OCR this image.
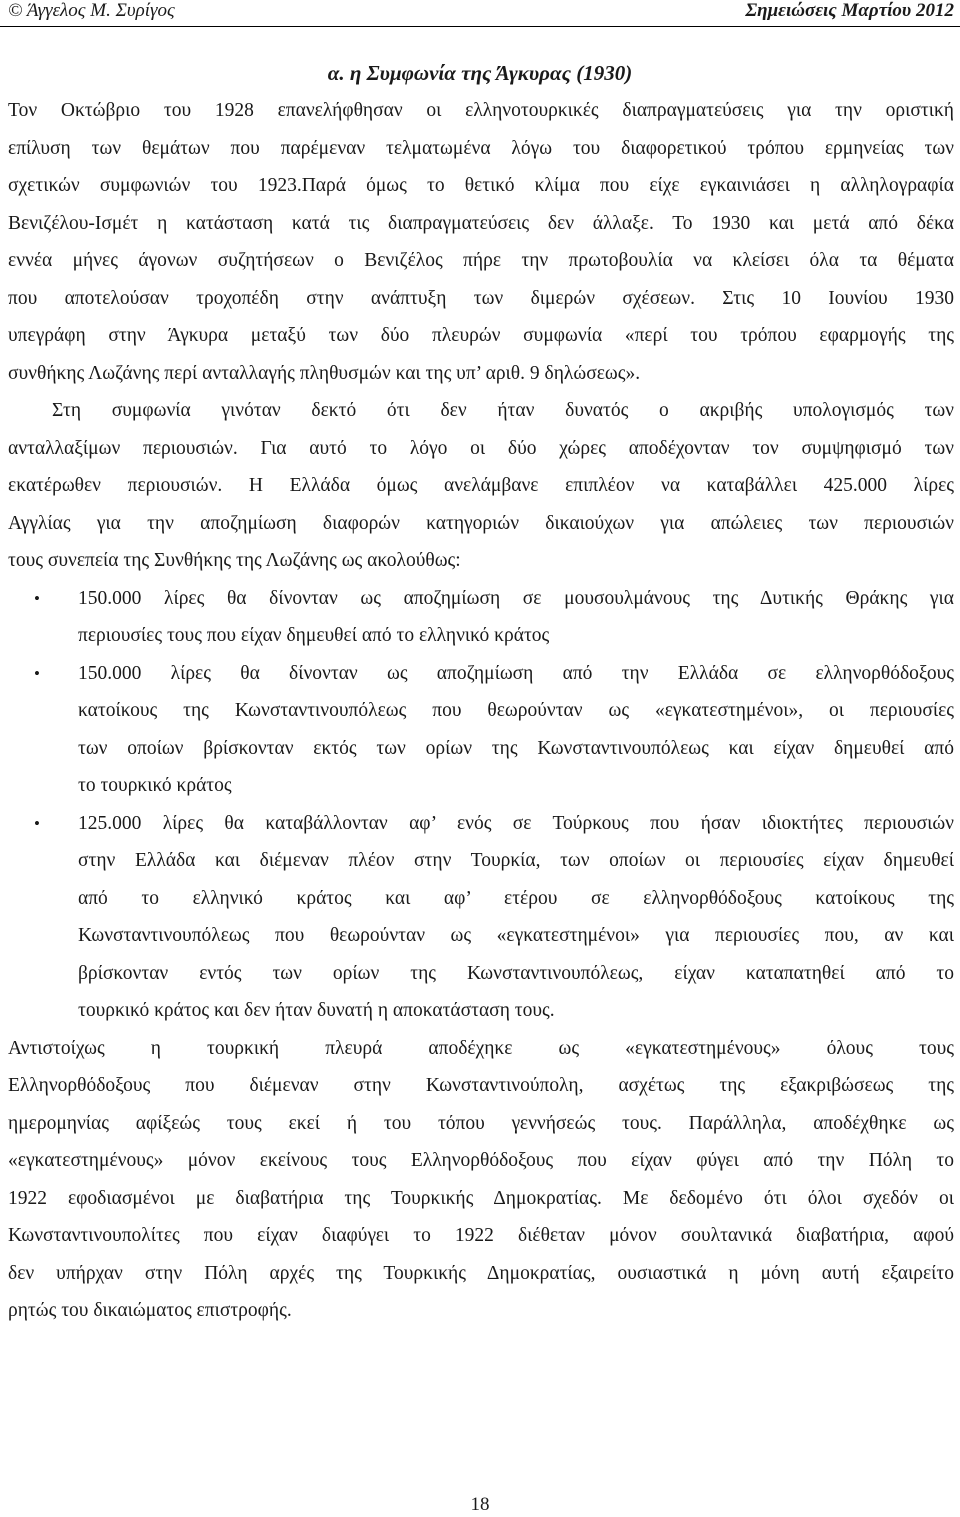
© Άγγελος Μ. Συρίγος	Σημειώσεις Μαρτίου 2012
α. η Συμφωνία της Άγκυρας (1930)
Τον Οκτώβριο του 1928 επανελήφθησαν οι ελληνοτουρκικές διαπραγματεύσεις για την οριστική
επίλυση των θεμάτων που παρέμεναν τελματωμένα λόγω του διαφορετικού τρόπου ερμηνείας των
σχετικών συμφωνιών του 1923.Παρά όμως το θετικό κλίμα που είχε εγκαινιάσει η αλληλογραφία
Βενιζέλου-Ισμέτ η κατάσταση κατά τις διαπραγματεύσεις δεν άλλαξε. Το 1930 και μετά από δέκα
εννέα μήνες άγονων συζητήσεων ο Βενιζέλος πήρε την πρωτοβουλία να κλείσει όλα τα θέματα
που αποτελούσαν τροχοπέδη στην ανάπτυξη των διμερών σχέσεων. Στις 10 Ιουνίου 1930
υπεγράφη στην Άγκυρα μεταξύ των δύο πλευρών συμφωνία «περί του τρόπου εφαρμογής της
συνθήκης Λωζάνης περί ανταλλαγής πληθυσμών και της υπ’ αριθ. 9 δηλώσεως».
Στη συμφωνία γινόταν δεκτό ότι δεν ήταν δυνατός ο ακριβής υπολογισμός των
ανταλλαξίμων περιουσιών. Για αυτό το λόγο οι δύο χώρες αποδέχονταν τον συμψηφισμό των
εκατέρωθεν περιουσιών. Η Ελλάδα όμως ανελάμβανε επιπλέον να καταβάλλει 425.000 λίρες
Αγγλίας για την αποζημίωση διαφορών κατηγοριών δικαιούχων για απώλειες των περιουσιών
τους συνεπεία της Συνθήκης της Λωζάνης ως ακολούθως:
•	150.000 λίρες θα δίνονταν ως αποζημίωση σε μουσουλμάνους της Δυτικής Θράκης για
περιουσίες τους που είχαν δημευθεί από το ελληνικό κράτος
•	150.000 λίρες θα δίνονταν ως αποζημίωση από την Ελλάδα σε ελληνορθόδοξους
κατοίκους της Κωνσταντινουπόλεως που θεωρούνταν ως «εγκατεστημένοι», οι περιουσίες
των οποίων βρίσκονταν εκτός των ορίων της Κωνσταντινουπόλεως και είχαν δημευθεί από
το τουρκικό κράτος
•	125.000 λίρες θα καταβάλλονταν αφ’ ενός σε Τούρκους που ήσαν ιδιοκτήτες περιουσιών
στην Ελλάδα και διέμεναν πλέον στην Τουρκία, των οποίων οι περιουσίες είχαν δημευθεί
από το ελληνικό κράτος και αφ’ ετέρου σε ελληνορθόδοξους κατοίκους της
Κωνσταντινουπόλεως που θεωρούνταν ως «εγκατεστημένοι» για περιουσίες που, αν και
βρίσκονταν εντός των ορίων της Κωνσταντινουπόλεως, είχαν καταπατηθεί από το
τουρκικό κράτος και δεν ήταν δυνατή η αποκατάσταση τους.
Αντιστοίχως η τουρκική πλευρά αποδέχηκε ως «εγκατεστημένους» όλους τους
Ελληνορθόδοξους που διέμεναν στην Κωνσταντινούπολη, ασχέτως της εξακριβώσεως της
ημερομηνίας αφίξεώς τους εκεί ή του τόπου γεννήσεώς τους. Παράλληλα, αποδέχθηκε ως
«εγκατεστημένους» μόνον εκείνους τους Ελληνορθόδοξους που είχαν φύγει από την Πόλη το
1922 εφοδιασμένοι με διαβατήρια της Τουρκικής Δημοκρατίας. Με δεδομένο ότι όλοι σχεδόν οι
Κωνσταντινουπολίτες που είχαν διαφύγει το 1922 διέθεταν μόνον σουλτανικά διαβατήρια, αφού
δεν υπήρχαν στην Πόλη αρχές της Τουρκικής Δημοκρατίας, ουσιαστικά η μόνη αυτή εξαιρείτο
ρητώς του δικαιώματος επιστροφής.
18
